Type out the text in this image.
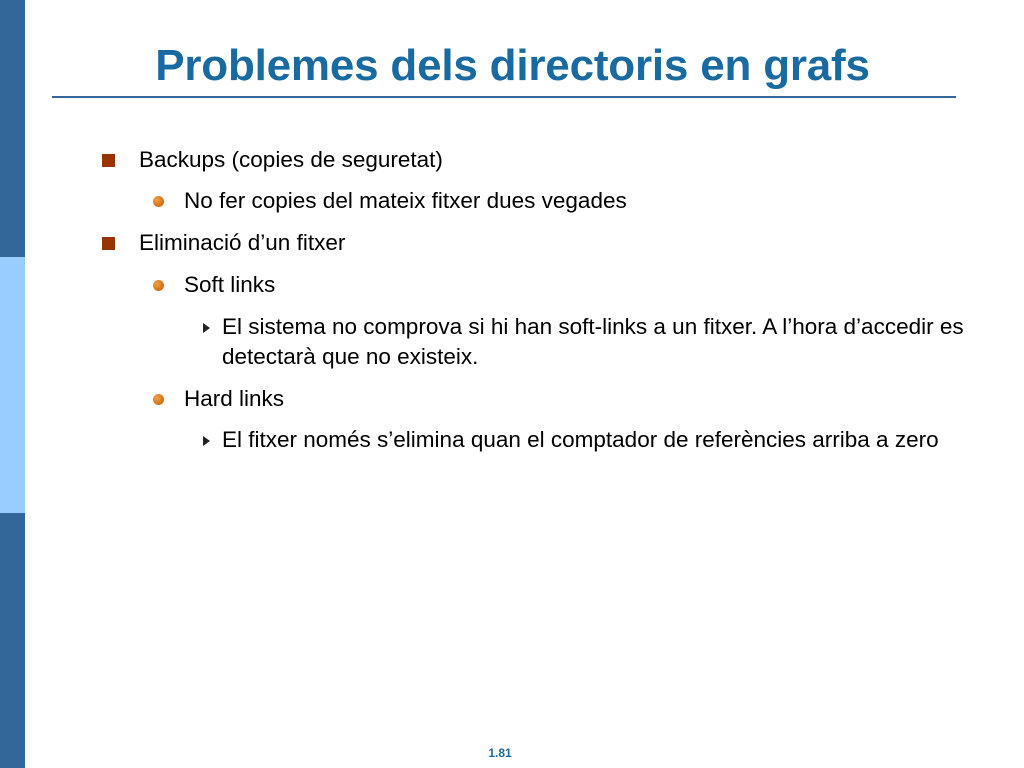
Problemes dels directoris en grafs
Backups (copies de seguretat)
No fer copies del mateix fitxer dues vegades
Eliminació d’un fitxer
Soft links
El sistema no comprova si hi han soft-links a un fitxer. A l’hora d’accedir es detectarà que no existeix.
Hard links
El fitxer només s’elimina quan el comptador de referències arriba a zero
1.81
